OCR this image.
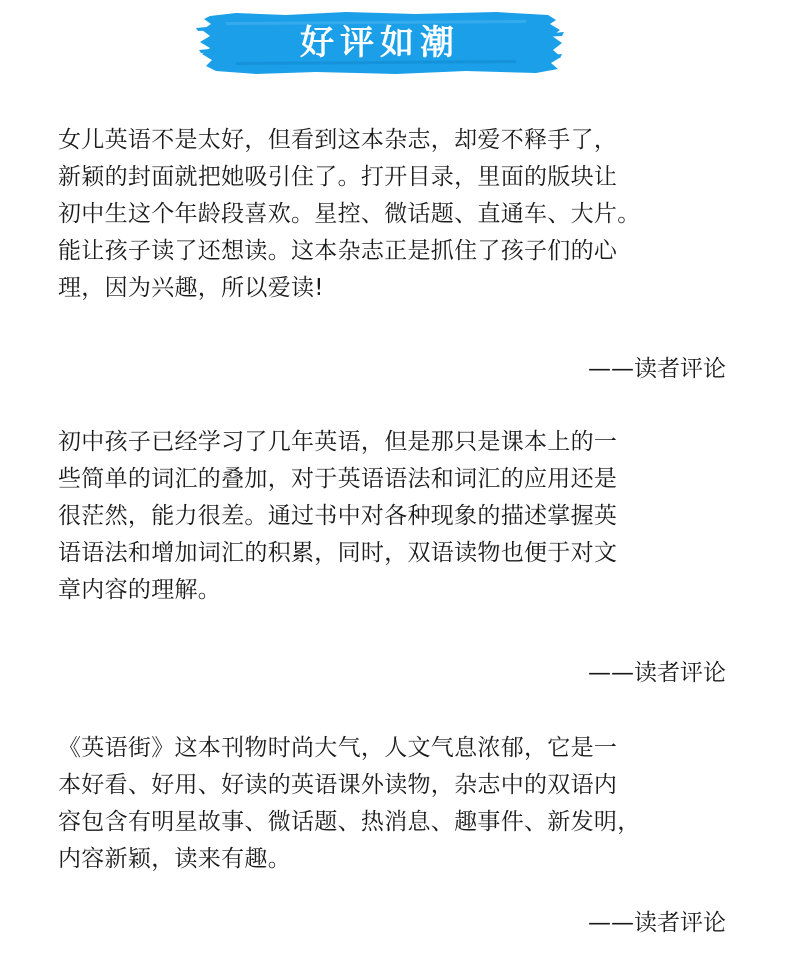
好评如潮

女儿英语不是太好，但看到这本杂志，却爱不释手了，
新颖的封面就把她吸引住了。打开目录，里面的版块让
初中生这个年龄段喜欢。星控、微话题、直通车、大片。
能让孩子读了还想读。这本杂志正是抓住了孩子们的心
理，因为兴趣，所以爱读!

——读者评论

初中孩子已经学习了几年英语，但是那只是课本上的一
些简单的词汇的叠加，对于英语语法和词汇的应用还是
很茫然，能力很差。通过书中对各种现象的描述掌握英
语语法和增加词汇的积累，同时，双语读物也便于对文
章内容的理解。

——读者评论

《英语街》这本刊物时尚大气，人文气息浓郁，它是一
本好看、好用、好读的英语课外读物，杂志中的双语内
容包含有明星故事、微话题、热消息、趣事件、新发明，
内容新颖，读来有趣。

——读者评论
